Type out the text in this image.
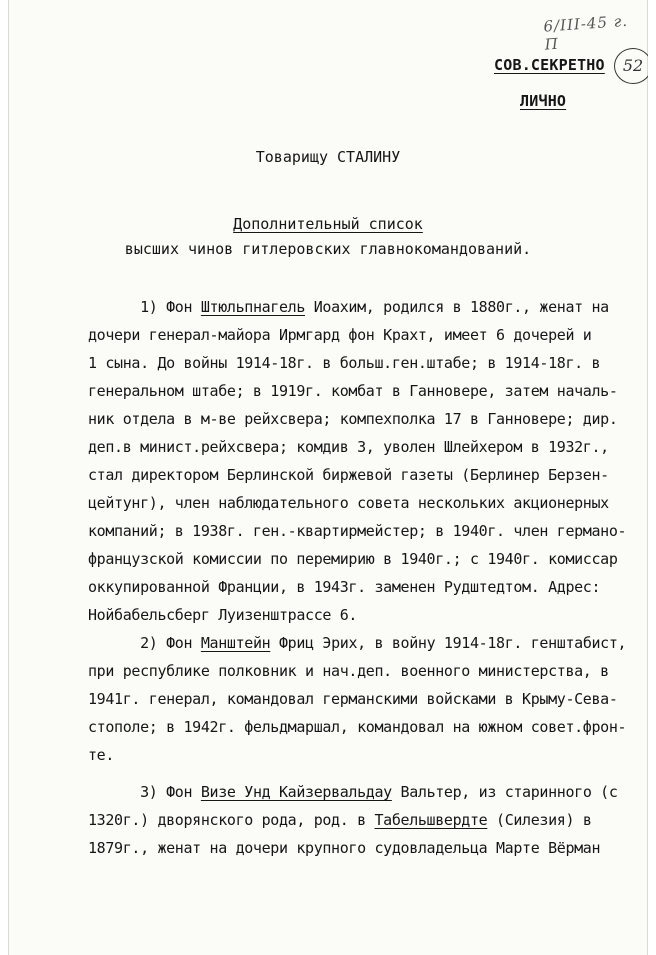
6/III-45 г. П
52
СОВ.СЕКРЕТНО
ЛИЧНО
Товарищу СТАЛИНУ
Дополнительный список
высших чинов гитлеровских главнокомандований.
1) Фон Штюльпнагель Иоахим, родился в 1880г., женат на
дочери генерал-майора Ирмгард фон Крахт, имеет 6 дочерей и
1 сына. До войны 1914-18г. в больш.ген.штабе; в 1914-18г. в
генеральном штабе; в 1919г. комбат в Ганновере, затем началь-
ник отдела в м-ве рейхсвера; компехполка 17 в Ганновере; дир.
деп.в минист.рейхсвера; комдив 3, уволен Шлейхером в 1932г.,
стал директором Берлинской биржевой газеты (Берлинер Берзен-
цейтунг), член наблюдательного совета нескольких акционерных
компаний; в 1938г. ген.-квартирмейстер; в 1940г. член германо-
французской комиссии по перемирию в 1940г.; с 1940г. комиссар
оккупированной Франции, в 1943г. заменен Рудштедтом. Адрес:
Нойбабельсберг Луизенштрассе 6.
2) Фон Манштейн Фриц Эрих, в войну 1914-18г. генштабист,
при республике полковник и нач.деп. военного министерства, в
1941г. генерал, командовал германскими войсками в Крыму-Сева-
стополе; в 1942г. фельдмаршал, командовал на южном совет.фрон-
те.
3) Фон Визе Унд Кайзервальдау Вальтер, из старинного (с
1320г.) дворянского рода, род. в Табельшвердте (Силезия) в
1879г., женат на дочери крупного судовладельца Марте Вёрман
